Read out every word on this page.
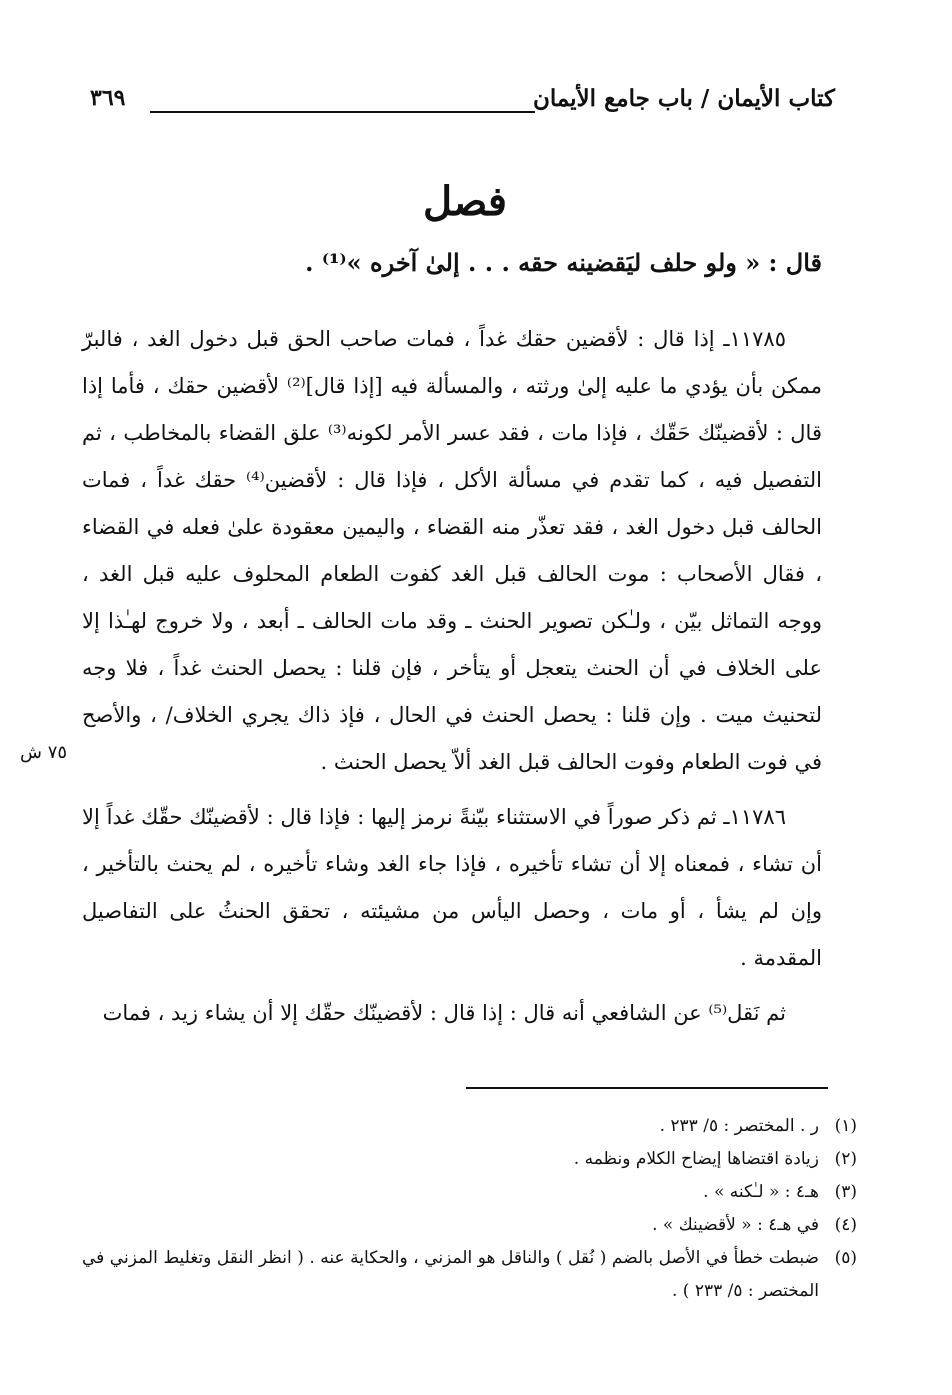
كتاب الأيمان / باب جامع الأيمان
٣٦٩
فصل
قال : « ولو حلف ليَقضينه حقه . . . إلىٰ آخره »⁽¹⁾ .

١١٧٨٥ـ إذا قال : لأقضين حقك غداً ، فمات صاحب الحق قبل دخول الغد ، فالبرّ ممكن بأن يؤدي ما عليه إلىٰ ورثته ، والمسألة فيه [إذا قال]⁽²⁾ لأقضين حقك ، فأما إذا قال : لأقضينّك حَقّك ، فإذا مات ، فقد عسر الأمر لكونه⁽³⁾ علق القضاء بالمخاطب ، ثم التفصيل فيه ، كما تقدم في مسألة الأكل ، فإذا قال : لأقضين⁽⁴⁾ حقك غداً ، فمات الحالف قبل دخول الغد ، فقد تعذّر منه القضاء ، واليمين معقودة علىٰ فعله في القضاء ، فقال الأصحاب : موت الحالف قبل الغد كفوت الطعام المحلوف عليه قبل الغد ، ووجه التماثل بيّن ، ولـٰكن تصوير الحنث ـ وقد مات الحالف ـ أبعد ، ولا خروج لهـٰذا إلا على الخلاف في أن الحنث يتعجل أو يتأخر ، فإن قلنا : يحصل الحنث غداً ، فلا وجه لتحنيث ميت . وإن قلنا : يحصل الحنث في الحال ، فإذ ذاك يجري الخلاف/ ، والأصح في فوت الطعام وفوت الحالف قبل الغد ألاّ يحصل الحنث .

١١٧٨٦ـ ثم ذكر صوراً في الاستثناء بيّنةً نرمز إليها : فإذا قال : لأقضينّك حقّك غداً إلا أن تشاء ، فمعناه إلا أن تشاء تأخيره ، فإذا جاء الغد وشاء تأخيره ، لم يحنث بالتأخير ، وإن لم يشأ ، أو مات ، وحصل اليأس من مشيئته ، تحقق الحنثُ على التفاصيل المقدمة .

ثم نَقل⁽⁵⁾ عن الشافعي أنه قال : إذا قال : لأقضينّك حقّك إلا أن يشاء زيد ، فمات

٧٥ ش
(١)
ر . المختصر : ٥/ ٢٣٣ .
(٢)
زيادة اقتضاها إيضاح الكلام ونظمه .
(٣)
هـ٤ : « لـٰكنه » .
(٤)
في هـ٤ : « لأقضينك » .
(٥)
ضبطت خطأ في الأصل بالضم ( نُقل ) والناقل هو المزني ، والحكاية عنه . ( انظر النقل وتغليط المزني في المختصر : ٥/ ٢٣٣ ) .
